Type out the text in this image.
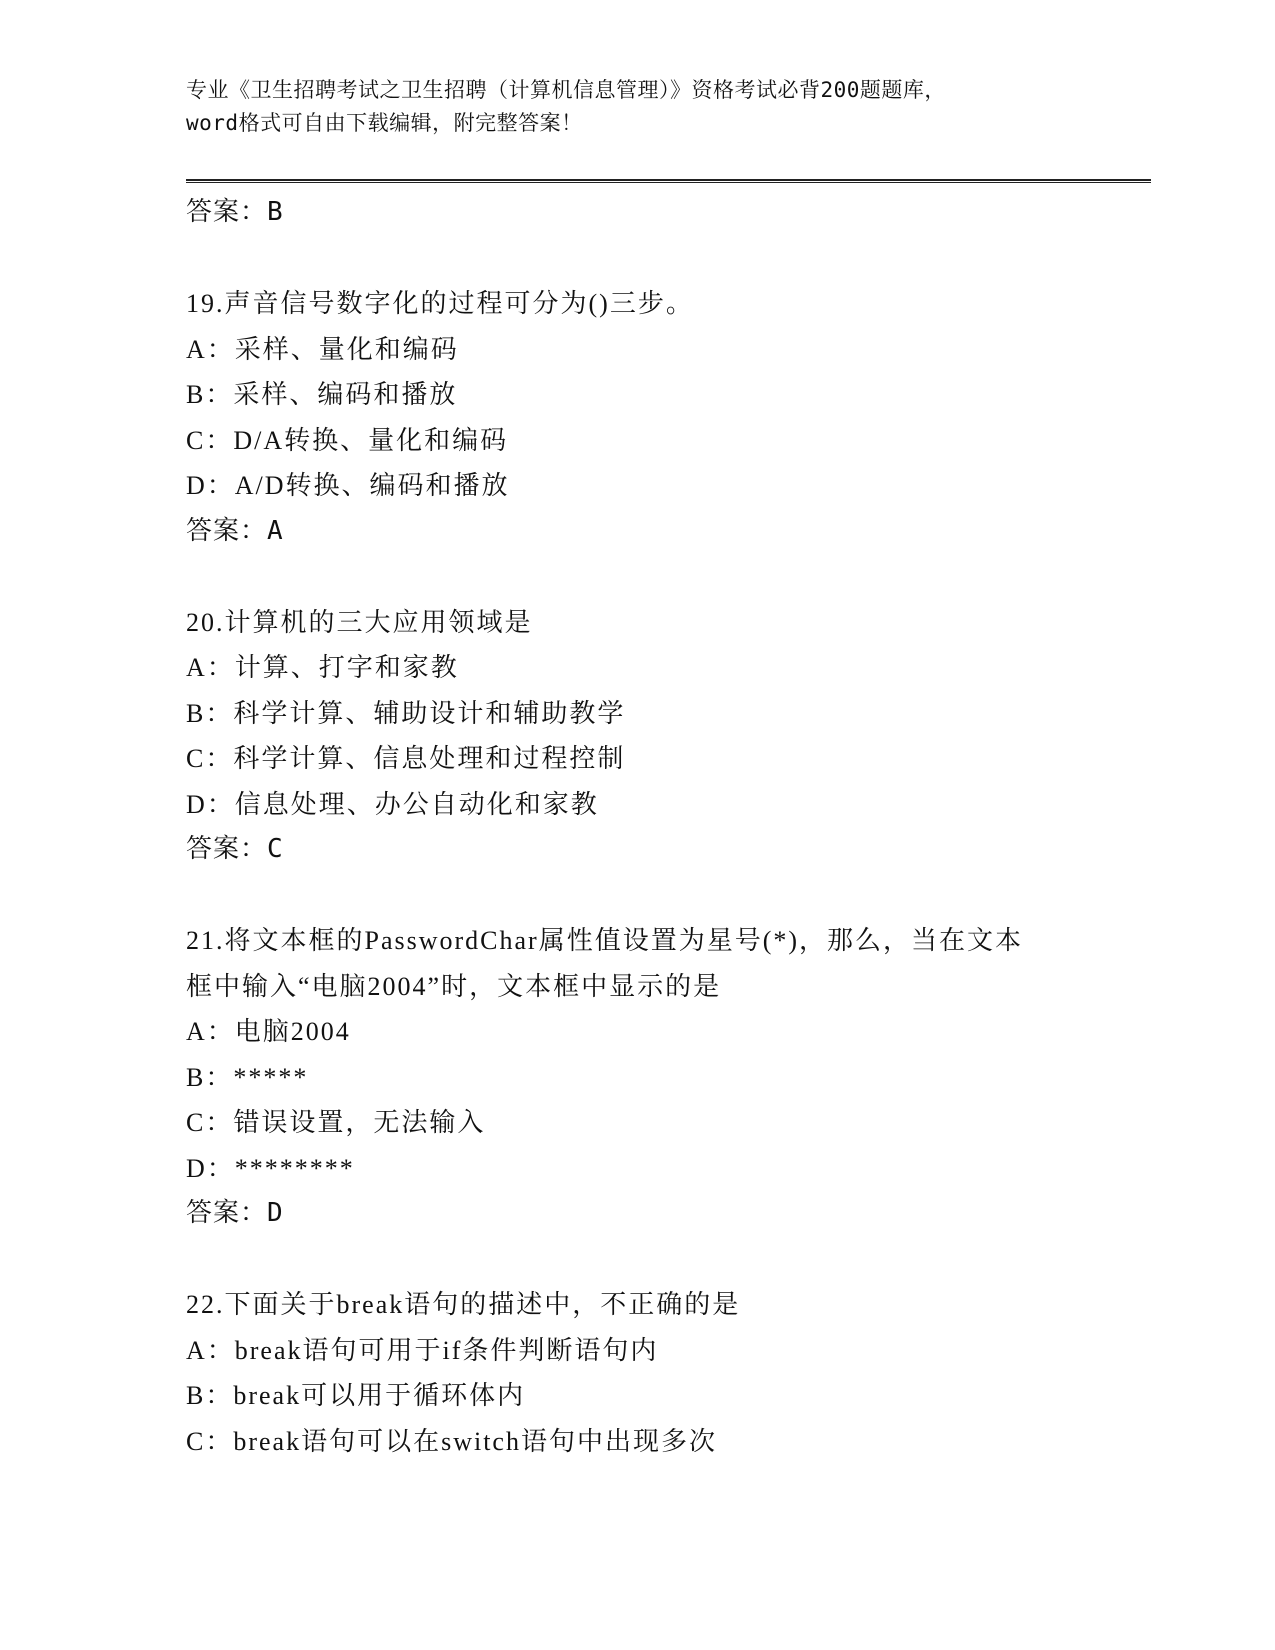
专业《卫生招聘考试之卫生招聘（计算机信息管理）》资格考试必背200题题库，
word格式可自由下载编辑，附完整答案！
答案：B
19.声音信号数字化的过程可分为()三步。
A：采样、量化和编码
B：采样、编码和播放
C：D/A转换、量化和编码
D：A/D转换、编码和播放
答案：A
20.计算机的三大应用领域是
A：计算、打字和家教
B：科学计算、辅助设计和辅助教学
C：科学计算、信息处理和过程控制
D：信息处理、办公自动化和家教
答案：C
21.将文本框的PasswordChar属性值设置为星号(*)，那么，当在文本
框中输入“电脑2004”时，文本框中显示的是
A：电脑2004
B：*****
C：错误设置，无法输入
D：********
答案：D
22.下面关于break语句的描述中，不正确的是
A：break语句可用于if条件判断语句内
B：break可以用于循环体内
C：break语句可以在switch语句中出现多次
